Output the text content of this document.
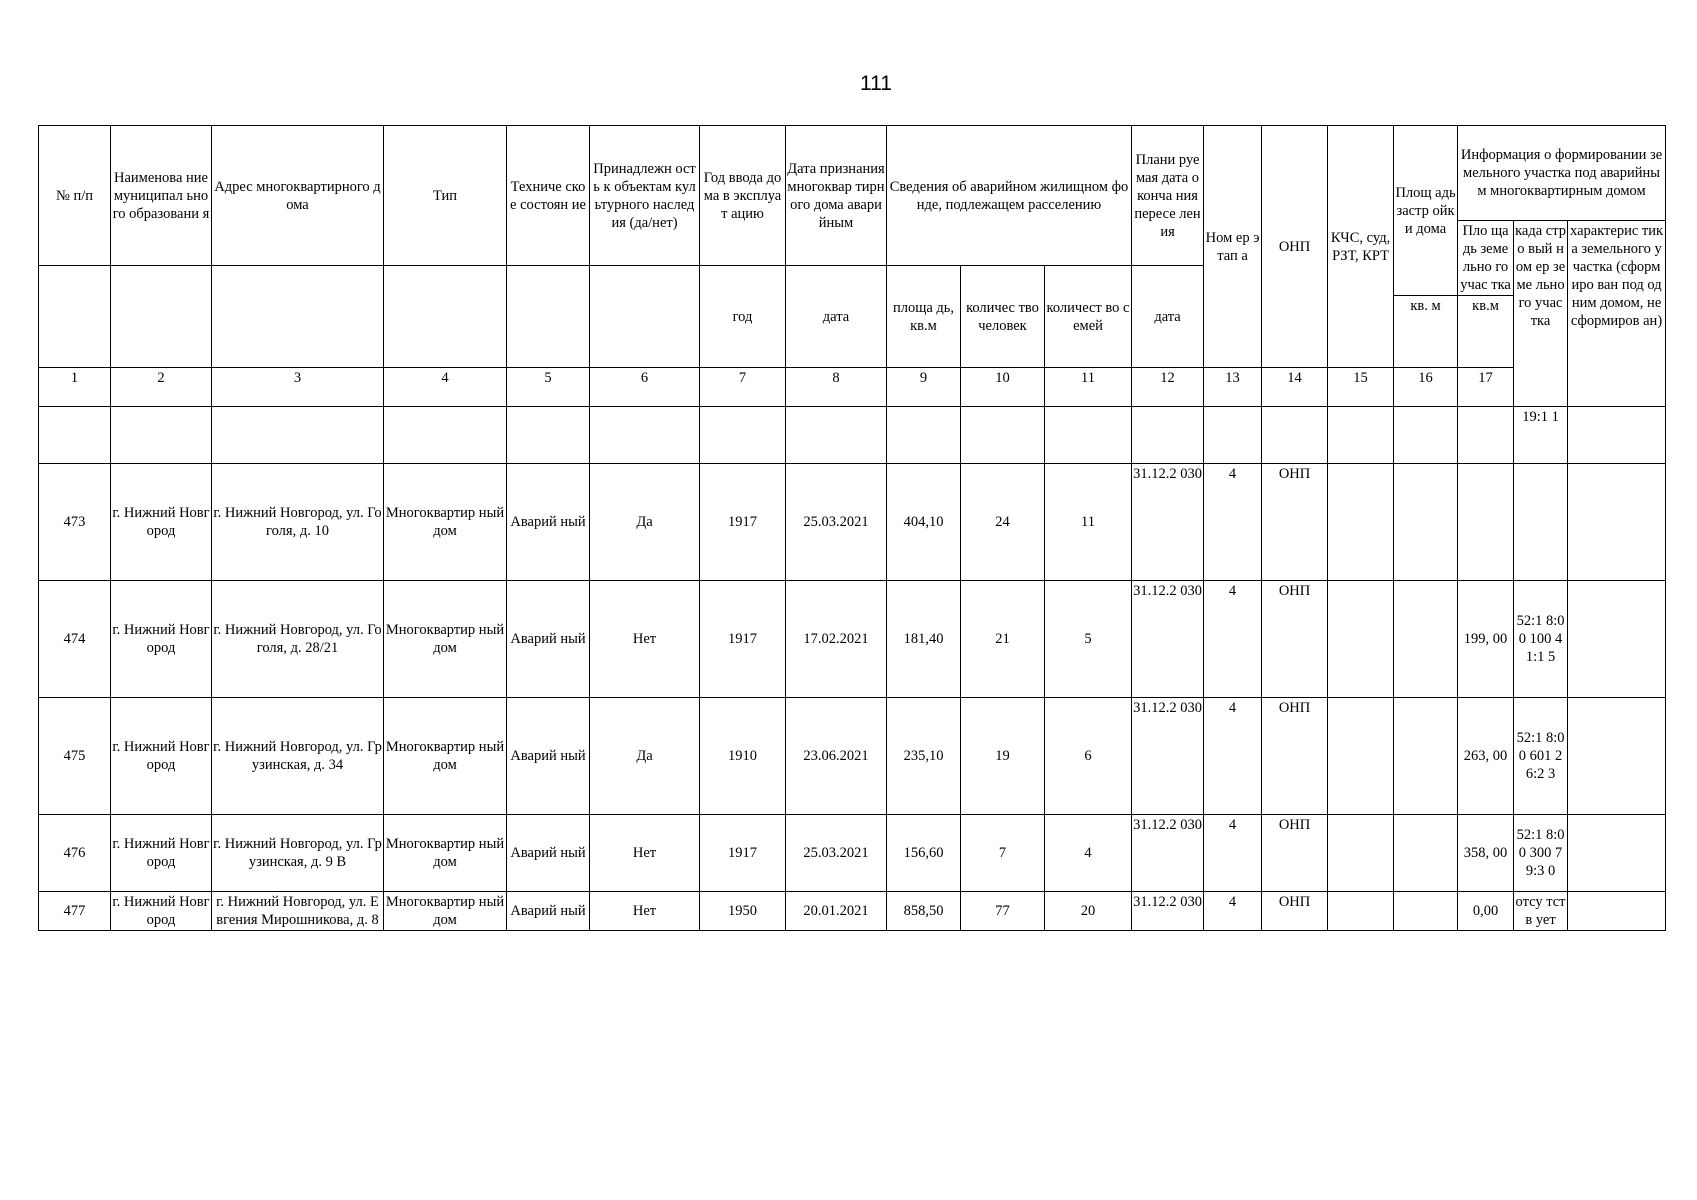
111
№ п/п	Наименова ние муниципал ьного образовани я	Адрес многоквартирного дома	Тип	Техниче ское состоян ие	Принадлежн ость к объектам культурного наследия (да/нет)	Год ввода дома в эксплуат ацию	Дата признания многоквар тирного дома аварийным	Сведения об аварийном жилищном фонде, подлежащем расселению			Плани руемая дата оконча ния пересе ления	Ном ер этап а	ОНП	КЧС, суд, РЗТ, КРТ	Площ адь застр ойки дома	Информация о формировании земельного участка под аварийным многоквартирным домом			
																Пло щадь земе льно го учас тка	када стро вый ном ер земе льно го учас тка	характерис тика земельного участка (сформиро ван под одним домом, не сформиров ан)	
						год	дата	площа дь, кв.м	количес тво человек	количест во семей	дата								
															кв. м	кв.м			
1	2	3	4	5	6	7	8	9	10	11	12	13	14	15	16	17		
																	19:1 1		
473	г. Нижний Новгород	г. Нижний Новгород, ул. Гоголя, д. 10	Многоквартир ный дом	Аварий ный	Да	1917	25.03.2021	404,10	24	11	31.12.2 030	4	ОНП						
474	г. Нижний Новгород	г. Нижний Новгород, ул. Гоголя, д. 28/21	Многоквартир ный дом	Аварий ный	Нет	1917	17.02.2021	181,40	21	5	31.12.2 030	4	ОНП			199, 00	52:1 8:00 100 41:1 5		
475	г. Нижний Новгород	г. Нижний Новгород, ул. Грузинская, д. 34	Многоквартир ный дом	Аварий ный	Да	1910	23.06.2021	235,10	19	6	31.12.2 030	4	ОНП			263, 00	52:1 8:00 601 26:2 3		
476	г. Нижний Новгород	г. Нижний Новгород, ул. Грузинская, д. 9 В	Многоквартир ный дом	Аварий ный	Нет	1917	25.03.2021	156,60	7	4	31.12.2 030	4	ОНП			358, 00	52:1 8:00 300 79:3 0		
477	г. Нижний Новгород	г. Нижний Новгород, ул. Евгения Мирошникова, д. 8	Многоквартир ный дом	Аварий ный	Нет	1950	20.01.2021	858,50	77	20	31.12.2 030	4	ОНП			0,00	отсу тств ует		
